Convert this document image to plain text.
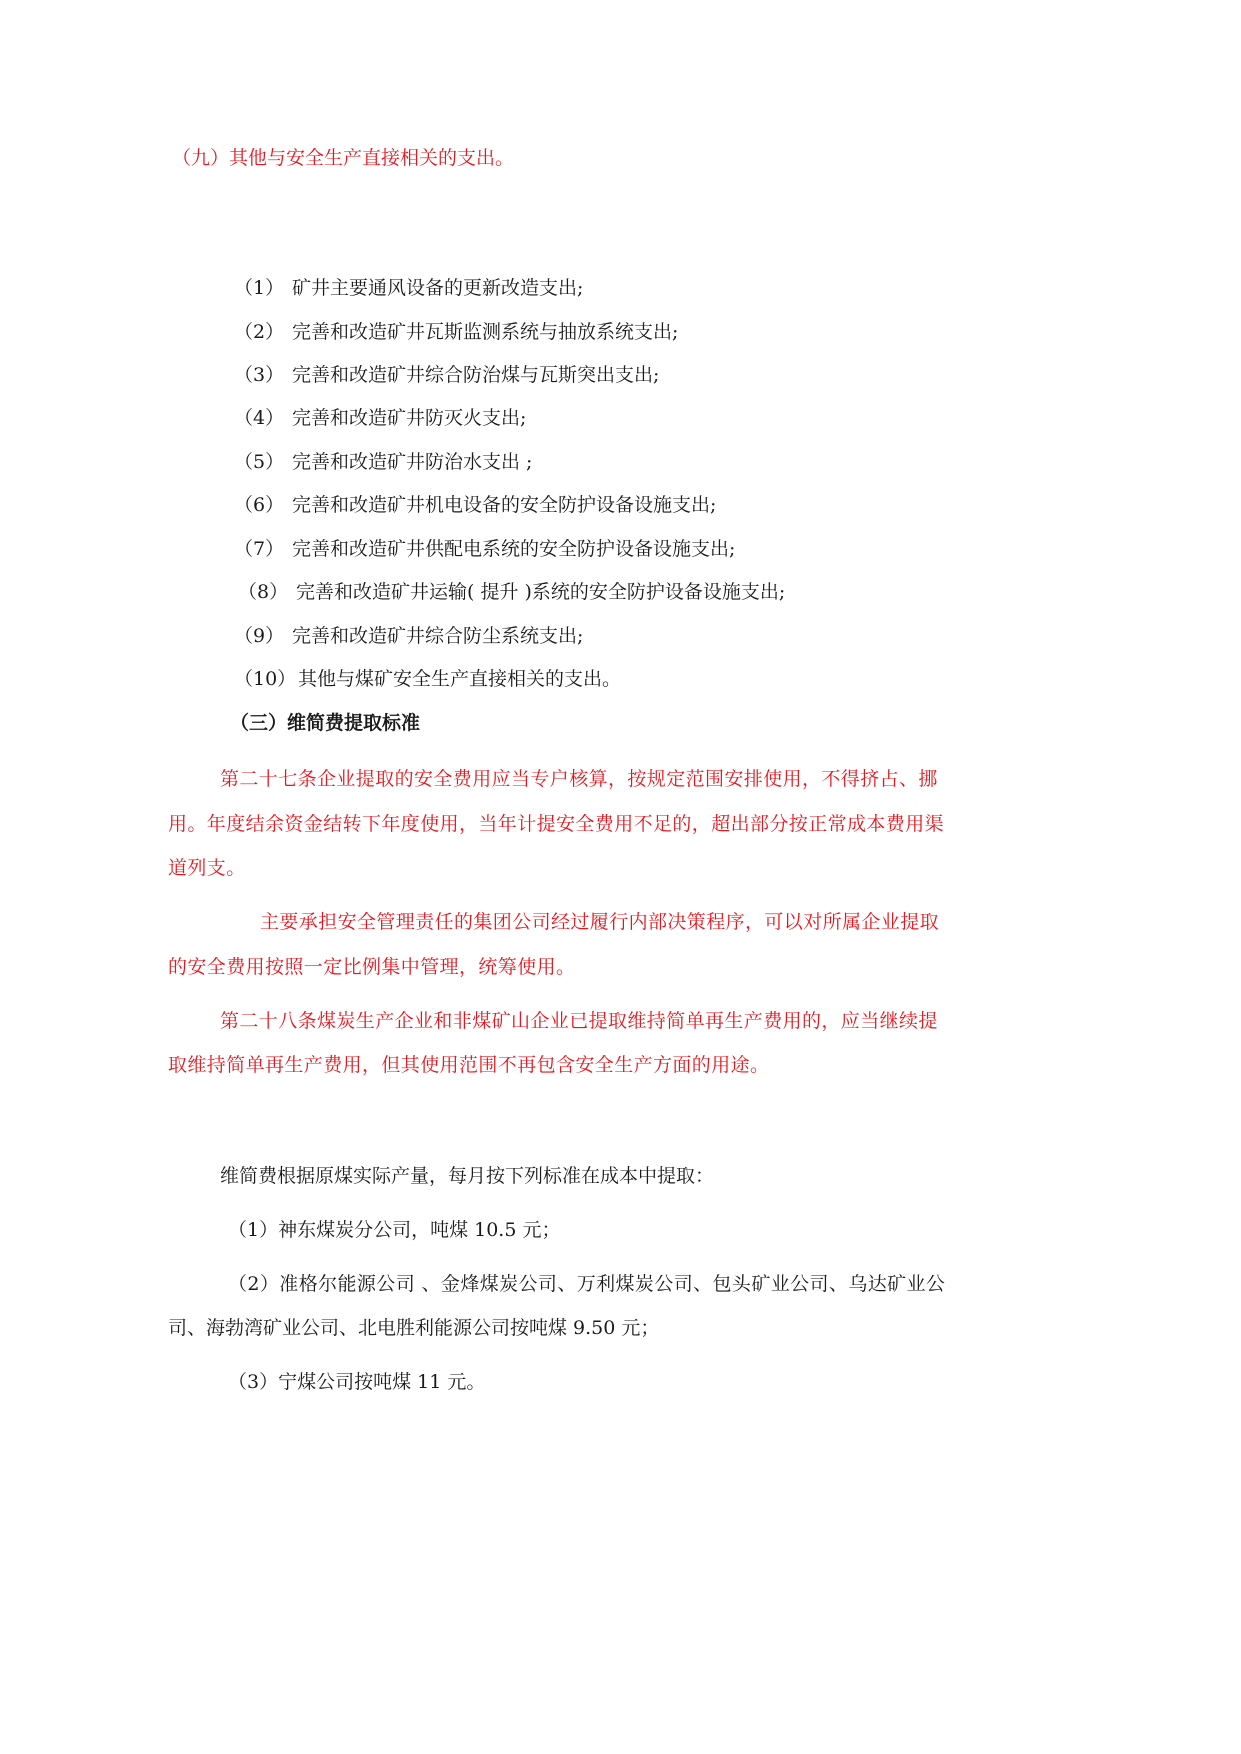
（九）其他与安全生产直接相关的支出。
（1） 矿井主要通风设备的更新改造支出;
（2） 完善和改造矿井瓦斯监测系统与抽放系统支出;
（3） 完善和改造矿井综合防治煤与瓦斯突出支出;
（4） 完善和改造矿井防灭火支出;
（5） 完善和改造矿井防治水支出 ;
（6） 完善和改造矿井机电设备的安全防护设备设施支出;
（7） 完善和改造矿井供配电系统的安全防护设备设施支出;
（8） 完善和改造矿井运输( 提升 )系统的安全防护设备设施支出;
（9） 完善和改造矿井综合防尘系统支出;
（10）其他与煤矿安全生产直接相关的支出。
（三）维简费提取标准
第二十七条企业提取的安全费用应当专户核算，按规定范围安排使用，不得挤占、挪
用。年度结余资金结转下年度使用，当年计提安全费用不足的，超出部分按正常成本费用渠
道列支。
主要承担安全管理责任的集团公司经过履行内部决策程序，可以对所属企业提取
的安全费用按照一定比例集中管理，统筹使用。
第二十八条煤炭生产企业和非煤矿山企业已提取维持简单再生产费用的，应当继续提
取维持简单再生产费用，但其使用范围不再包含安全生产方面的用途。
维简费根据原煤实际产量，每月按下列标准在成本中提取：
（1）神东煤炭分公司，吨煤 10.5 元；
（2）准格尔能源公司 、金烽煤炭公司、万利煤炭公司、包头矿业公司、乌达矿业公
司、海勃湾矿业公司、北电胜利能源公司按吨煤 9.50 元；
（3）宁煤公司按吨煤 11 元。
